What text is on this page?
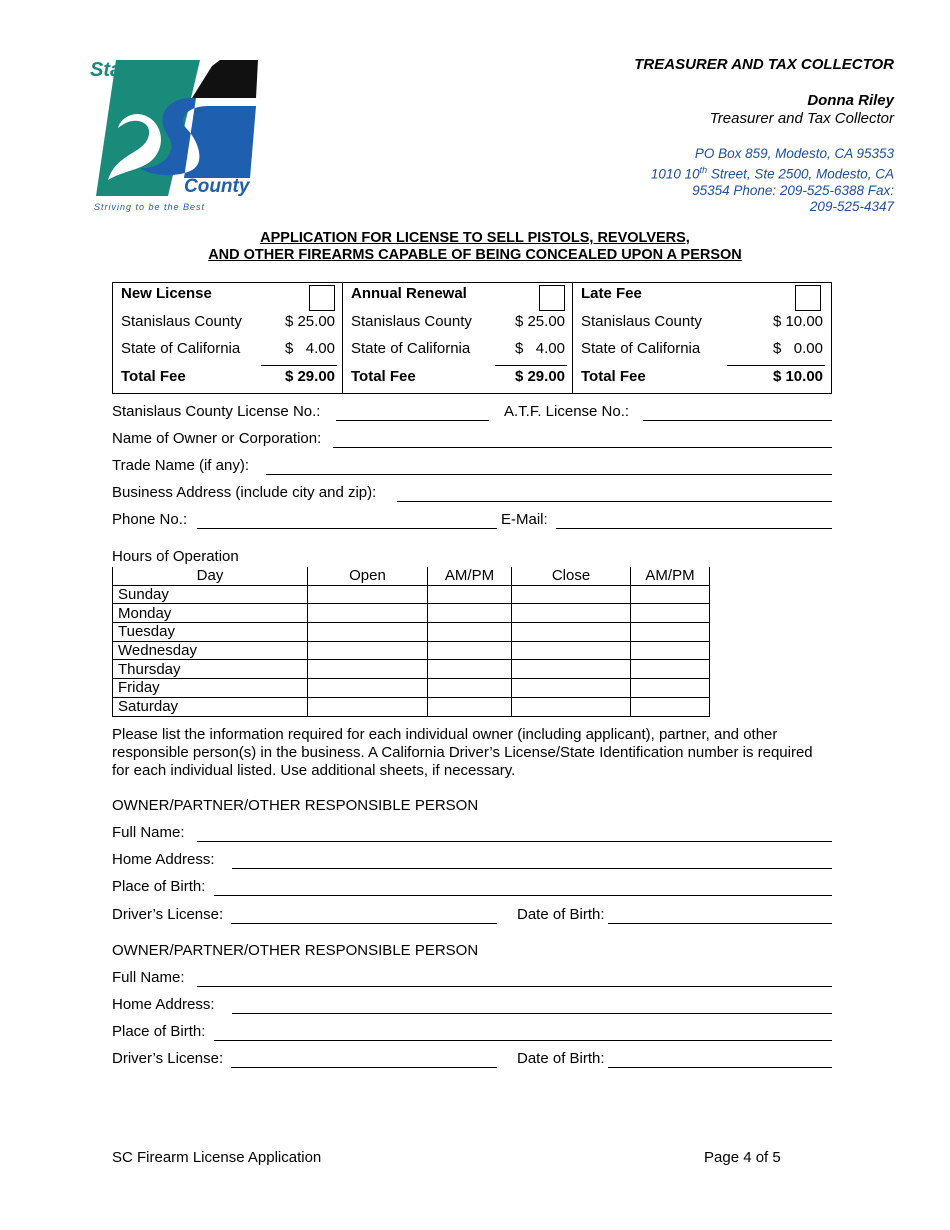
Stanislaus
County
Striving to be the Best
TREASURER AND TAX COLLECTOR
Donna Riley
Treasurer and Tax Collector
PO Box 859, Modesto, CA 95353
1010 10th Street, Ste 2500, Modesto, CA
95354 Phone: 209-525-6388 Fax:
209-525-4347
APPLICATION FOR LICENSE TO SELL PISTOLS, REVOLVERS,
AND OTHER FIREARMS CAPABLE OF BEING CONCEALED UPON A PERSON
New License
Stanislaus County	$ 25.00
State of California	$   4.00
Total Fee	$ 29.00
Annual Renewal
Stanislaus County	$ 25.00
State of California	$   4.00
Total Fee	$ 29.00
Late Fee
Stanislaus County	$ 10.00
State of California	$   0.00
Total Fee	$ 10.00
Stanislaus County License No.:	A.T.F. License No.:
Name of Owner or Corporation:
Trade Name (if any):
Business Address (include city and zip):
Phone No.:	E-Mail:
Hours of Operation
Day	Open	AM/PM	Close	AM/PM
Sunday				
Monday				
Tuesday				
Wednesday				
Thursday				
Friday				
Saturday				
Please list the information required for each individual owner (including applicant), partner, and other responsible person(s) in the business. A California Driver’s License/State Identification number is required for each individual listed. Use additional sheets, if necessary.
OWNER/PARTNER/OTHER RESPONSIBLE PERSON
Full Name:
Home Address:
Place of Birth:
Driver’s License:	Date of Birth:
OWNER/PARTNER/OTHER RESPONSIBLE PERSON
Full Name:
Home Address:
Place of Birth:
Driver’s License:	Date of Birth:
SC Firearm License Application	Page 4 of 5
